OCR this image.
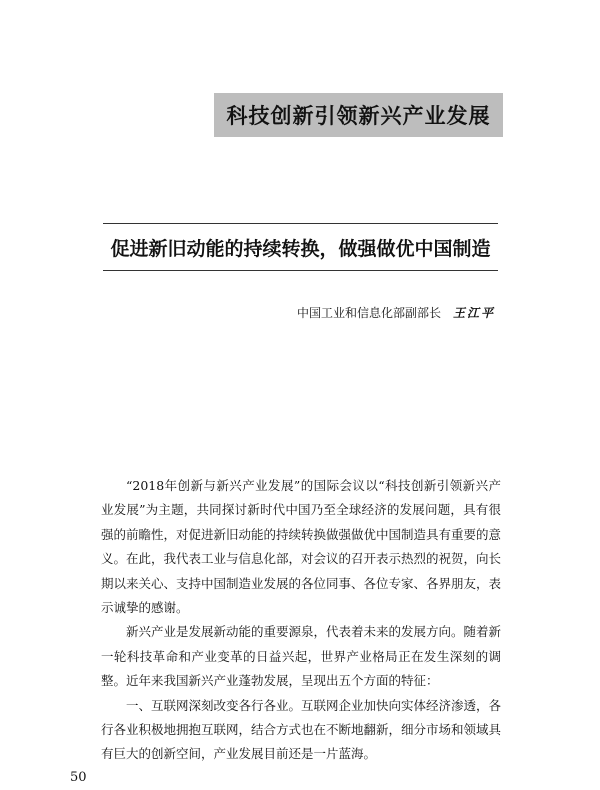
科技创新引领新兴产业发展
促进新旧动能的持续转换，做强做优中国制造
中国工业和信息化部副部长 王江平

“2018年创新与新兴产业发展”的国际会议以“科技创新引领新兴产业发展”为主题，共同探讨新时代中国乃至全球经济的发展问题，具有很强的前瞻性，对促进新旧动能的持续转换做强做优中国制造具有重要的意义。在此，我代表工业与信息化部，对会议的召开表示热烈的祝贺，向长期以来关心、支持中国制造业发展的各位同事、各位专家、各界朋友，表示诚挚的感谢。

新兴产业是发展新动能的重要源泉，代表着未来的发展方向。随着新一轮科技革命和产业变革的日益兴起，世界产业格局正在发生深刻的调整。近年来我国新兴产业蓬勃发展，呈现出五个方面的特征：

一、互联网深刻改变各行各业。互联网企业加快向实体经济渗透，各行各业积极地拥抱互联网，结合方式也在不断地翻新，细分市场和领域具有巨大的创新空间，产业发展目前还是一片蓝海。

50
